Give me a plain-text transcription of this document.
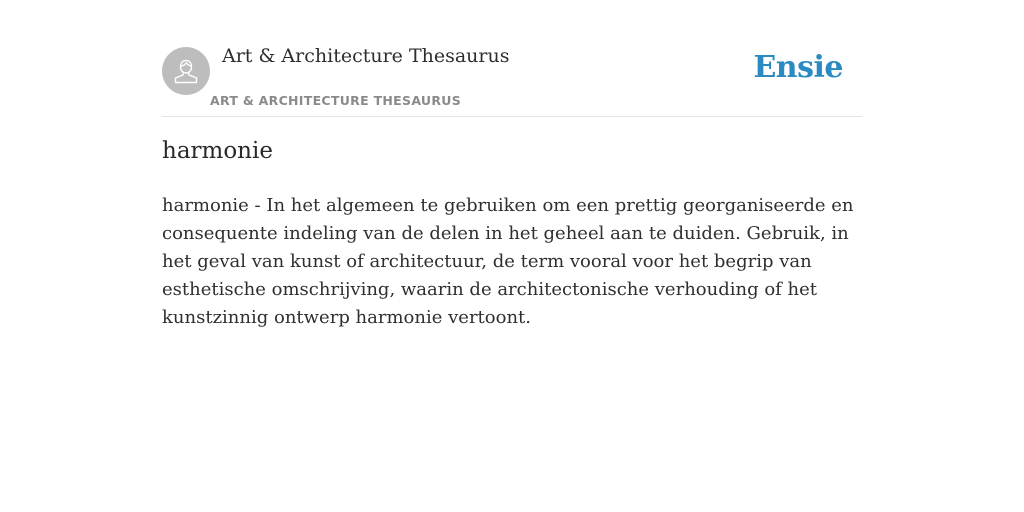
Art & Architecture Thesaurus
ART & ARCHITECTURE THESAURUS
Ensie
harmonie
harmonie - In het algemeen te gebruiken om een prettig georganiseerde en consequente indeling van de delen in het geheel aan te duiden. Gebruik, in het geval van kunst of architectuur, de term vooral voor het begrip van esthetische omschrijving, waarin de architectonische verhouding of het kunstzinnig ontwerp harmonie vertoont.
